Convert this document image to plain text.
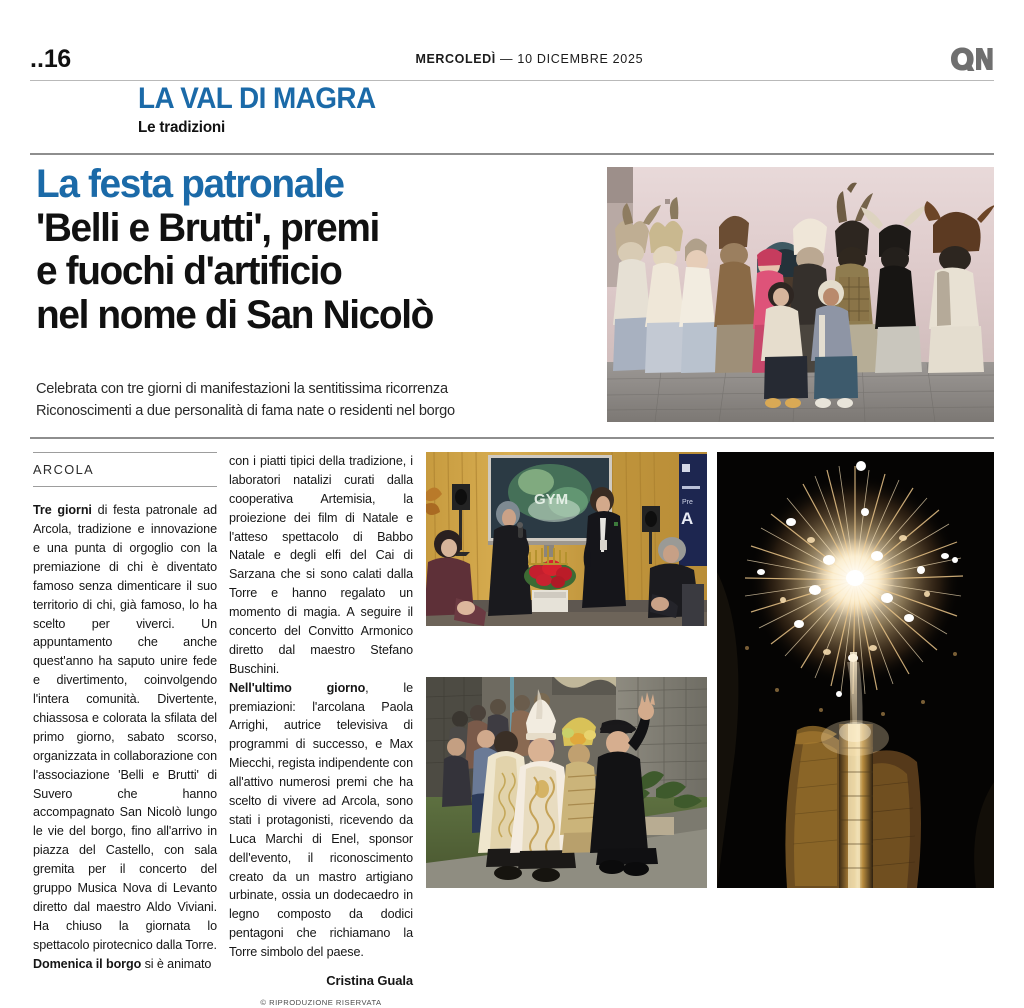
..16	MERCOLEDÌ — 10 DICEMBRE 2025
LA VAL DI MAGRA
Le tradizioni
La festa patronale
'Belli e Brutti', premi
e fuochi d'artificio
nel nome di San Nicolò
Celebrata con tre giorni di manifestazioni la sentitissima ricorrenza
Riconoscimenti a due personalità di fama nate o residenti nel borgo
ARCOLA

Tre giorni di festa patronale ad Arcola, tradizione e innovazione e una punta di orgoglio con la premiazione di chi è diventato famoso senza dimenticare il suo territorio di chi, già famoso, lo ha scelto per viverci. Un appuntamento che anche quest'anno ha saputo unire fede e divertimento, coinvolgendo l'intera comunità. Divertente, chiassosa e colorata la sfilata del primo giorno, sabato scorso, organizzata in collaborazione con l'associazione 'Belli e Brutti' di Suvero che hanno accompagnato San Nicolò lungo le vie del borgo, fino all'arrivo in piazza del Castello, con sala gremita per il concerto del gruppo Musica Nova di Levanto diretto dal maestro Aldo Viviani. Ha chiuso la giornata lo spettacolo pirotecnico dalla Torre.

Domenica il borgo si è animato

con i piatti tipici della tradizione, i laboratori natalizi curati dalla cooperativa Artemisia, la proiezione dei film di Natale e l'atteso spettacolo di Babbo Natale e degli elfi del Cai di Sarzana che si sono calati dalla Torre e hanno regalato un momento di magia. A seguire il concerto del Convitto Armonico diretto dal maestro Stefano Buschini.

Nell'ultimo giorno, le premiazioni: l'arcolana Paola Arrighi, autrice televisiva di programmi di successo, e Max Miecchi, regista indipendente con all'attivo numerosi premi che ha scelto di vivere ad Arcola, sono stati i protagonisti, ricevendo da Luca Marchi di Enel, sponsor dell'evento, il riconoscimento creato da un mastro artigiano urbinate, ossia un dodecaedro in legno composto da dodici pentagoni che richiamano la Torre simbolo del paese.

Cristina Guala
© RIPRODUZIONE RISERVATA
GYM	Pre
A
